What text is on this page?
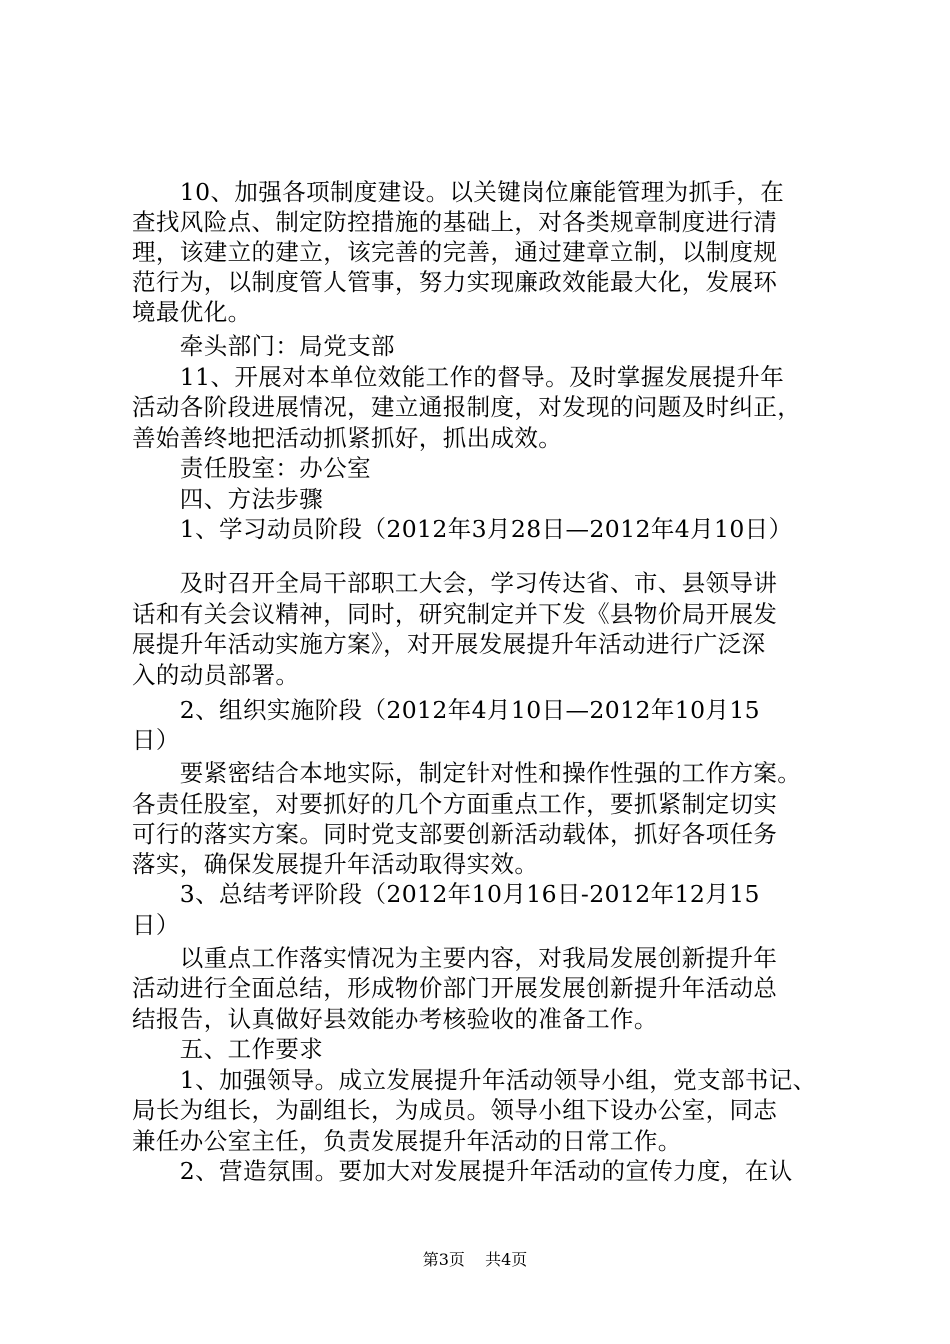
　　10、加强各项制度建设。以关键岗位廉能管理为抓手，在
查找风险点、制定防控措施的基础上，对各类规章制度进行清
理，该建立的建立，该完善的完善，通过建章立制，以制度规
范行为，以制度管人管事，努力实现廉政效能最大化，发展环
境最优化。
　　牵头部门：局党支部
　　11、开展对本单位效能工作的督导。及时掌握发展提升年
活动各阶段进展情况，建立通报制度，对发现的问题及时纠正，
善始善终地把活动抓紧抓好，抓出成效。
　　责任股室：办公室
　　四、方法步骤
　　1、学习动员阶段（2012年3月28日—2012年4月10日）
　　及时召开全局干部职工大会，学习传达省、市、县领导讲
话和有关会议精神，同时，研究制定并下发《县物价局开展发
展提升年活动实施方案》，对开展发展提升年活动进行广泛深
入的动员部署。
　　2、组织实施阶段（2012年4月10日—2012年10月15
日）
　　要紧密结合本地实际，制定针对性和操作性强的工作方案。
各责任股室，对要抓好的几个方面重点工作，要抓紧制定切实
可行的落实方案。同时党支部要创新活动载体，抓好各项任务
落实，确保发展提升年活动取得实效。
　　3、总结考评阶段（2012年10月16日-2012年12月15
日）
　　以重点工作落实情况为主要内容，对我局发展创新提升年
活动进行全面总结，形成物价部门开展发展创新提升年活动总
结报告，认真做好县效能办考核验收的准备工作。
　　五、工作要求
　　1、加强领导。成立发展提升年活动领导小组，党支部书记、
局长为组长，为副组长，为成员。领导小组下设办公室，同志
兼任办公室主任，负责发展提升年活动的日常工作。
　　2、营造氛围。要加大对发展提升年活动的宣传力度，在认
第3页 共4页
